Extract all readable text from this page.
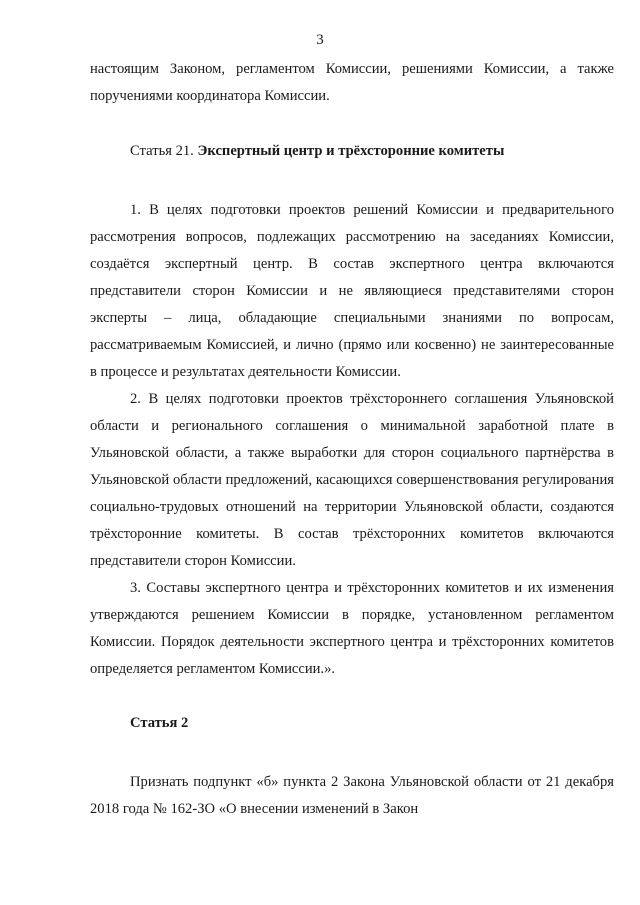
3

настоящим Законом, регламентом Комиссии, решениями Комиссии, а также поручениями координатора Комиссии.

Статья 21. Экспертный центр и трёхсторонние комитеты

1. В целях подготовки проектов решений Комиссии и предварительного рассмотрения вопросов, подлежащих рассмотрению на заседаниях Комиссии, создаётся экспертный центр. В состав экспертного центра включаются представители сторон Комиссии и не являющиеся представителями сторон эксперты – лица, обладающие специальными знаниями по вопросам, рассматриваемым Комиссией, и лично (прямо или косвенно) не заинтересованные в процессе и результатах деятельности Комиссии.

2. В целях подготовки проектов трёхстороннего соглашения Ульяновской области и регионального соглашения о минимальной заработной плате в Ульяновской области, а также выработки для сторон социального партнёрства в Ульяновской области предложений, касающихся совершенствования регулирования социально-трудовых отношений на территории Ульяновской области, создаются трёхсторонние комитеты. В состав трёхсторонних комитетов включаются представители сторон Комиссии.

3. Составы экспертного центра и трёхсторонних комитетов и их изменения утверждаются решением Комиссии в порядке, установленном регламентом Комиссии. Порядок деятельности экспертного центра и трёхсторонних комитетов определяется регламентом Комиссии.».

Статья 2

Признать подпункт «б» пункта 2 Закона Ульяновской области от 21 декабря 2018 года № 162-ЗО «О внесении изменений в Закон
